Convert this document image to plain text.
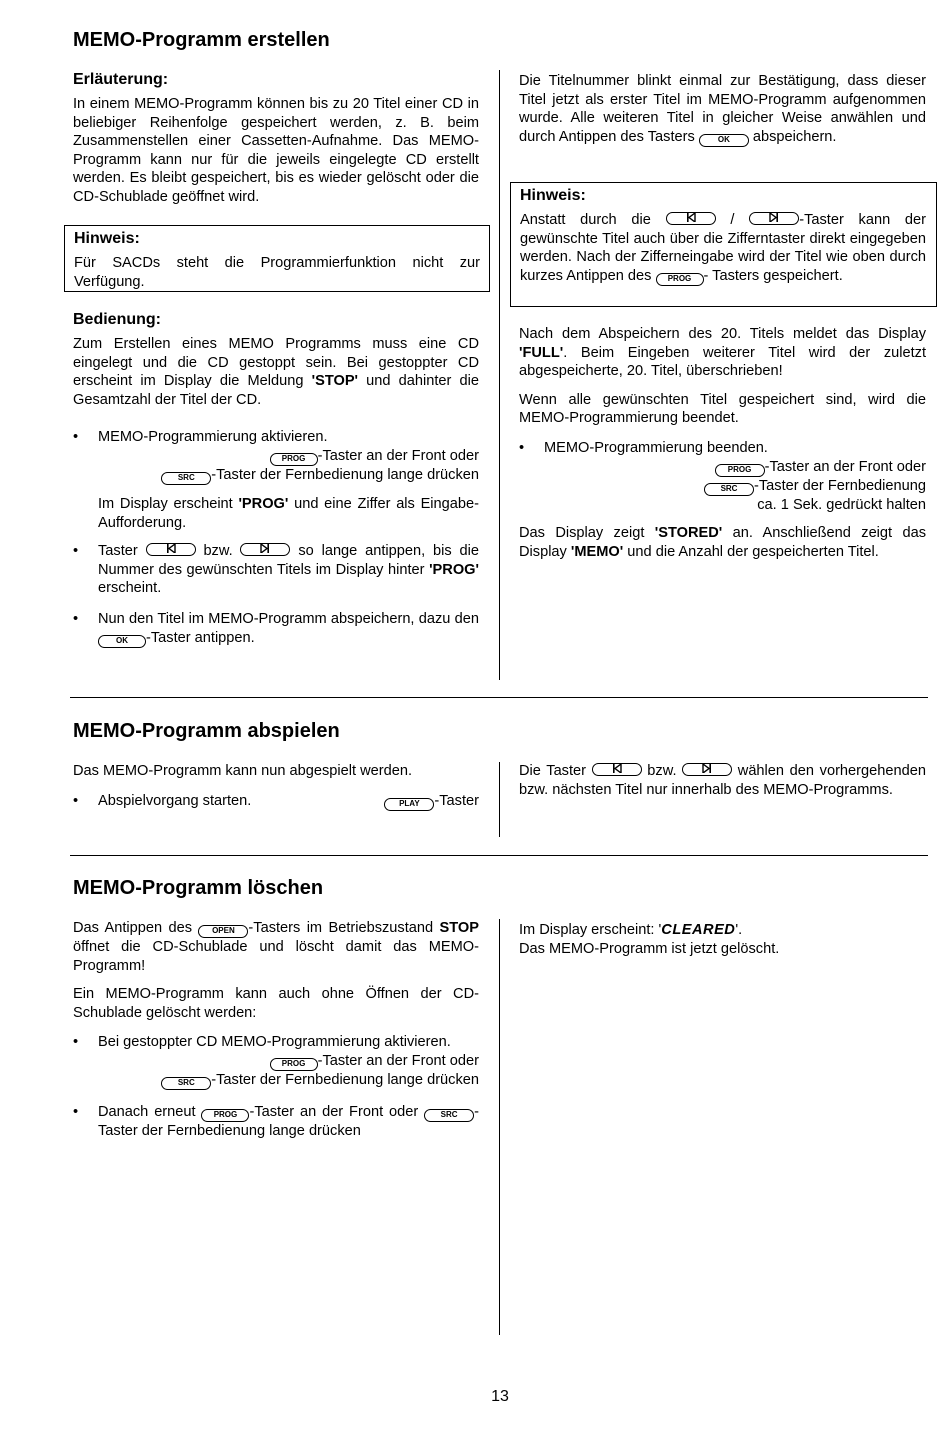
MEMO-Programm erstellen
Erläuterung:

In einem MEMO-Programm können bis zu 20 Titel einer CD in beliebiger Reihenfolge gespeichert werden, z. B. beim Zusammenstellen einer Cassetten-Aufnahme. Das MEMO-Programm kann nur für die jeweils eingelegte CD erstellt werden. Es bleibt gespeichert, bis es wieder gelöscht oder die CD-Schublade geöffnet wird.

Hinweis:

Für SACDs steht die Programmierfunktion nicht zur Verfügung.

Bedienung:

Zum Erstellen eines MEMO Programms muss eine CD eingelegt und die CD gestoppt sein. Bei gestoppter CD erscheint im Display die Meldung 'STOP' und dahinter die Gesamtzahl der Titel der CD.

• MEMO-Programmierung aktivieren.

PROG -Taster an der Front oder

SRC -Taster der Fernbedienung lange drücken

Im Display erscheint 'PROG' und eine Ziffer als Eingabe-Aufforderung.

• Taster	bzw.	so lange antippen, bis die Nummer des gewünschten Titels im Display hinter 'PROG' erscheint.

• Nun den Titel im MEMO-Programm abspeichern, dazu den OK -Taster antippen.

Die Titelnummer blinkt einmal zur Bestätigung, dass dieser Titel jetzt als erster Titel im MEMO-Programm aufgenommen wurde. Alle weiteren Titel in gleicher Weise anwählen und durch Antippen des Tasters	OK abspeichern.

Hinweis:

Anstatt durch die	/	-Taster kann der gewünschte Titel auch über die Zifferntaster direkt eingegeben werden. Nach der Zifferneingabe wird der Titel wie oben durch kurzes Antippen des PROG - Tasters gespeichert.

Nach dem Abspeichern des 20. Titels meldet das Display 'FULL'. Beim Eingeben weiterer Titel wird der zuletzt abgespeicherte, 20. Titel, überschrieben!

Wenn alle gewünschten Titel gespeichert sind, wird die MEMO-Programmierung beendet.

• MEMO-Programmierung beenden.

PROG -Taster an der Front oder

SRC -Taster der Fernbedienung

ca. 1 Sek. gedrückt halten

Das Display zeigt 'STORED' an. Anschließend zeigt das Display 'MEMO' und die Anzahl der gespeicherten Titel.

MEMO-Programm abspielen

Das MEMO-Programm kann nun abgespielt werden.

• Abspielvorgang starten.	PLAY -Taster

Die Taster	bzw.	wählen den vorhergehenden bzw. nächsten Titel nur innerhalb des MEMO-Programms.

MEMO-Programm löschen

Das Antippen des	OPEN -Tasters im Betriebszustand STOP öffnet die CD-Schublade und löscht damit das MEMO-Programm!

Ein MEMO-Programm kann auch ohne Öffnen der CD-Schublade gelöscht werden:

• Bei gestoppter CD MEMO-Programmierung aktivieren.

PROG -Taster an der Front oder

SRC -Taster der Fernbedienung lange drücken

• Danach erneut PROG -Taster an der Front oder	SRC -Taster der Fernbedienung lange drücken

Im Display erscheint: 'CLEARED'.

Das MEMO-Programm ist jetzt gelöscht.

13
